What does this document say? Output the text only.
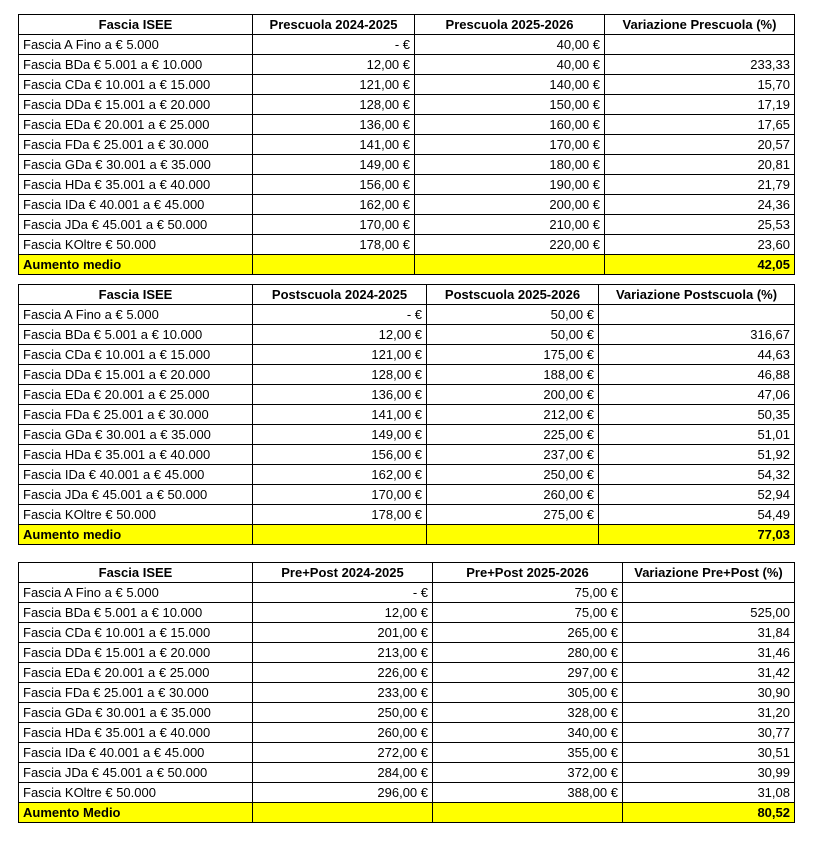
Fascia ISEE	Prescuola 2024-2025	Prescuola 2025-2026	Variazione Prescuola (%)
Fascia A Fino a € 5.000	- €	40,00 €	
Fascia BDa € 5.001 a € 10.000	12,00 €	40,00 €	233,33
Fascia CDa € 10.001 a € 15.000	121,00 €	140,00 €	15,70
Fascia DDa € 15.001 a € 20.000	128,00 €	150,00 €	17,19
Fascia EDa € 20.001 a € 25.000	136,00 €	160,00 €	17,65
Fascia FDa € 25.001 a € 30.000	141,00 €	170,00 €	20,57
Fascia GDa € 30.001 a € 35.000	149,00 €	180,00 €	20,81
Fascia HDa € 35.001 a € 40.000	156,00 €	190,00 €	21,79
Fascia IDa € 40.001 a € 45.000	162,00 €	200,00 €	24,36
Fascia JDa € 45.001 a € 50.000	170,00 €	210,00 €	25,53
Fascia KOltre € 50.000	178,00 €	220,00 €	23,60
Aumento medio			42,05
Fascia ISEE	Postscuola 2024-2025	Postscuola 2025-2026	Variazione Postscuola (%)
Fascia A Fino a € 5.000	- €	50,00 €	
Fascia BDa € 5.001 a € 10.000	12,00 €	50,00 €	316,67
Fascia CDa € 10.001 a € 15.000	121,00 €	175,00 €	44,63
Fascia DDa € 15.001 a € 20.000	128,00 €	188,00 €	46,88
Fascia EDa € 20.001 a € 25.000	136,00 €	200,00 €	47,06
Fascia FDa € 25.001 a € 30.000	141,00 €	212,00 €	50,35
Fascia GDa € 30.001 a € 35.000	149,00 €	225,00 €	51,01
Fascia HDa € 35.001 a € 40.000	156,00 €	237,00 €	51,92
Fascia IDa € 40.001 a € 45.000	162,00 €	250,00 €	54,32
Fascia JDa € 45.001 a € 50.000	170,00 €	260,00 €	52,94
Fascia KOltre € 50.000	178,00 €	275,00 €	54,49
Aumento medio			77,03
Fascia ISEE	Pre+Post 2024-2025	Pre+Post 2025-2026	Variazione Pre+Post (%)
Fascia A Fino a € 5.000	- €	75,00 €	
Fascia BDa € 5.001 a € 10.000	12,00 €	75,00 €	525,00
Fascia CDa € 10.001 a € 15.000	201,00 €	265,00 €	31,84
Fascia DDa € 15.001 a € 20.000	213,00 €	280,00 €	31,46
Fascia EDa € 20.001 a € 25.000	226,00 €	297,00 €	31,42
Fascia FDa € 25.001 a € 30.000	233,00 €	305,00 €	30,90
Fascia GDa € 30.001 a € 35.000	250,00 €	328,00 €	31,20
Fascia HDa € 35.001 a € 40.000	260,00 €	340,00 €	30,77
Fascia IDa € 40.001 a € 45.000	272,00 €	355,00 €	30,51
Fascia JDa € 45.001 a € 50.000	284,00 €	372,00 €	30,99
Fascia KOltre € 50.000	296,00 €	388,00 €	31,08
Aumento Medio			80,52
